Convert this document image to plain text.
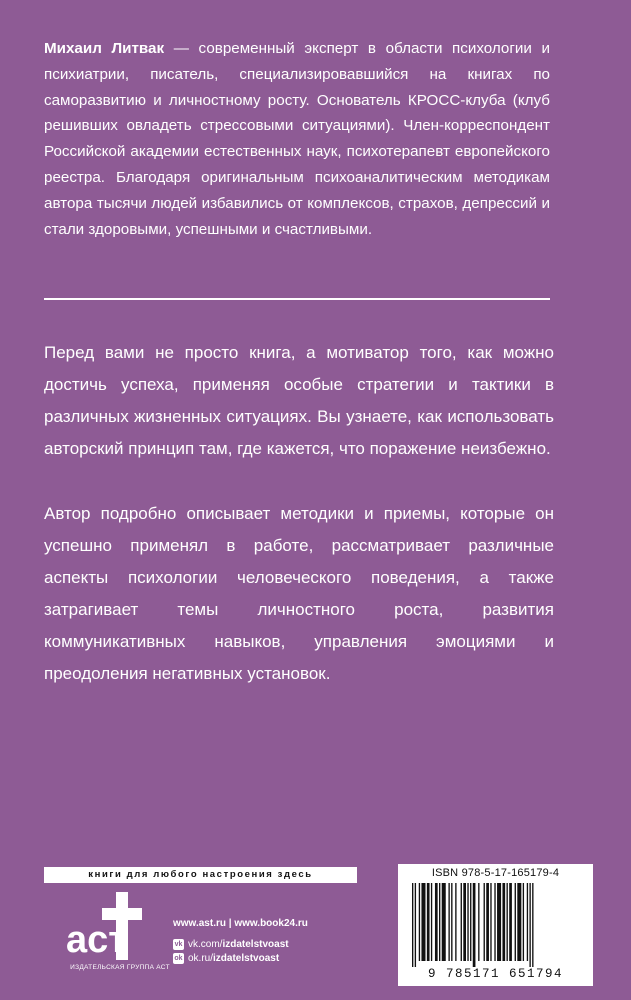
Михаил Литвак — современный эксперт в области психологии и психиатрии, писатель, специализировавшийся на книгах по саморазвитию и личностному росту. Основатель КРОСС-клуба (клуб решивших овладеть стрессовыми ситуациями). Член-корреспондент Российской академии естественных наук, психотерапевт европейского реестра. Благодаря оригинальным психоаналитическим методикам автора тысячи людей избавились от комплексов, страхов, депрессий и стали здоровыми, успешными и счастливыми.
Перед вами не просто книга, а мотиватор того, как можно достичь успеха, применяя особые стратегии и тактики в различных жизненных ситуациях. Вы узнаете, как использовать авторский принцип там, где кажется, что поражение неизбежно.
Автор подробно описывает методики и приемы, которые он успешно применял в работе, рассматривает различные аспекты психологии человеческого поведения, а также затрагивает темы личностного роста, развития коммуникативных навыков, управления эмоциями и преодоления негативных установок.
книги для любого настроения здесь
аст
ИЗДАТЕЛЬСКАЯ ГРУППА АСТ
www.ast.ru | www.book24.ru
vk vk.com/ izdatelstvoast
ok ok.ru/ izdatelstvoast
ISBN 978-5-17-165179-4
9 785171 651794
